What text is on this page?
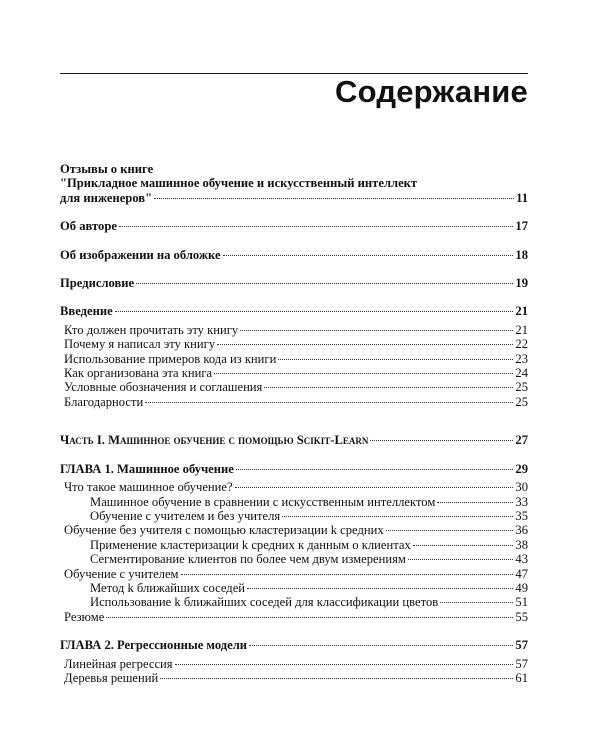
Содержание
Отзывы о книге
"Прикладное машинное обучение и искусственный интеллект
для инженеров"	11
Об авторе	17
Об изображении на обложке	18
Предисловие	19
Введение	21
Кто должен прочитать эту книгу	21
Почему я написал эту книгу	22
Использование примеров кода из книги	23
Как организована эта книга	24
Условные обозначения и соглашения	25
Благодарности	25
Часть I. Машинное обучение с помощью Scikit-Learn	27
ГЛАВА 1. Машинное обучение	29
Что такое машинное обучение?	30
Машинное обучение в сравнении с искусственным интеллектом	33
Обучение с учителем и без учителя	35
Обучение без учителя с помощью кластеризации k средних	36
Применение кластеризации k средних к данным о клиентах	38
Сегментирование клиентов по более чем двум измерениям	43
Обучение с учителем	47
Метод k ближайших соседей	49
Использование k ближайших соседей для классификации цветов	51
Резюме	55
ГЛАВА 2. Регрессионные модели	57
Линейная регрессия	57
Деревья решений	61
